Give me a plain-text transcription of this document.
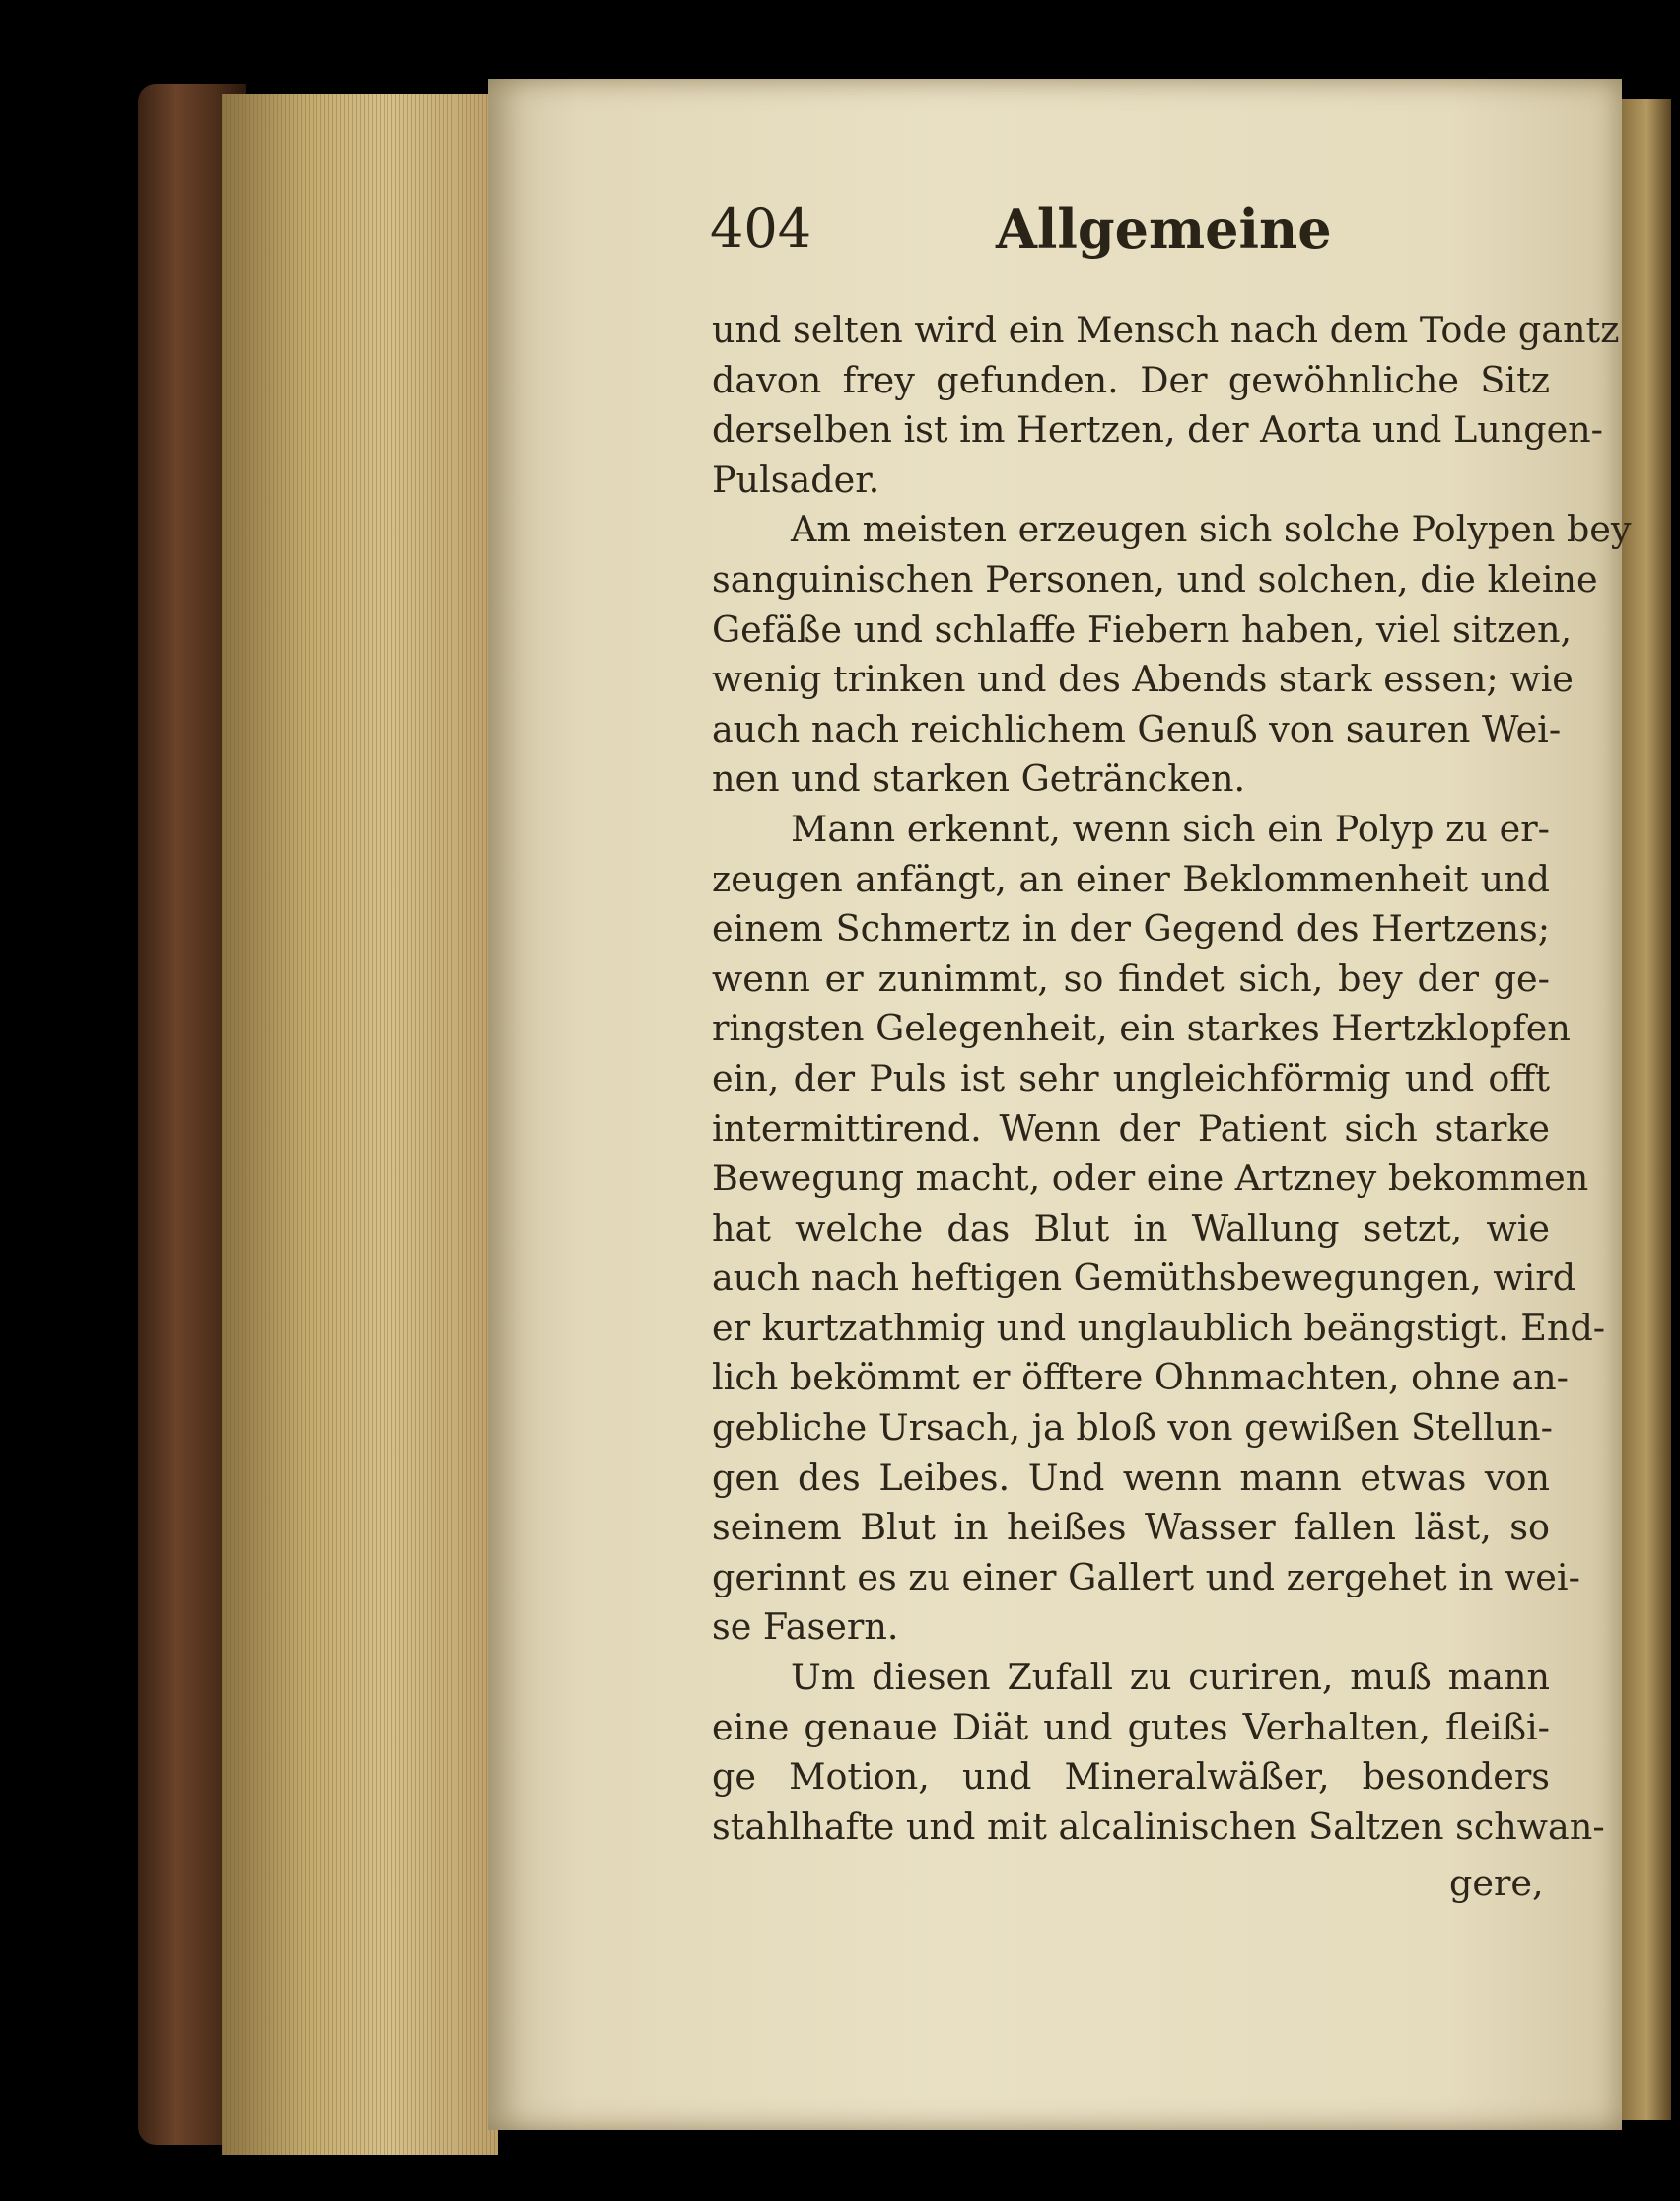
404	Allgemeine
und selten wird ein Mensch nach dem Tode gantz
davon frey gefunden. Der gewöhnliche Sitz
derselben ist im Hertzen, der Aorta und Lungen-
Pulsader.
Am meisten erzeugen sich solche Polypen bey
sanguinischen Personen, und solchen, die kleine
Gefäße und schlaffe Fiebern haben, viel sitzen,
wenig trinken und des Abends stark essen; wie
auch nach reichlichem Genuß von sauren Wei-
nen und starken Geträncken.
Mann erkennt, wenn sich ein Polyp zu er-
zeugen anfängt, an einer Beklommenheit und
einem Schmertz in der Gegend des Hertzens;
wenn er zunimmt, so findet sich, bey der ge-
ringsten Gelegenheit, ein starkes Hertzklopfen
ein, der Puls ist sehr ungleichförmig und offt
intermittirend. Wenn der Patient sich starke
Bewegung macht, oder eine Artzney bekommen
hat welche das Blut in Wallung setzt, wie
auch nach heftigen Gemüthsbewegungen, wird
er kurtzathmig und unglaublich beängstigt. End-
lich bekömmt er öfftere Ohnmachten, ohne an-
gebliche Ursach, ja bloß von gewißen Stellun-
gen des Leibes. Und wenn mann etwas von
seinem Blut in heißes Wasser fallen läst, so
gerinnt es zu einer Gallert und zergehet in wei-
se Fasern.
Um diesen Zufall zu curiren, muß mann
eine genaue Diät und gutes Verhalten, fleißi-
ge Motion, und Mineralwäßer, besonders
stahlhafte und mit alcalinischen Saltzen schwan-
gere,
